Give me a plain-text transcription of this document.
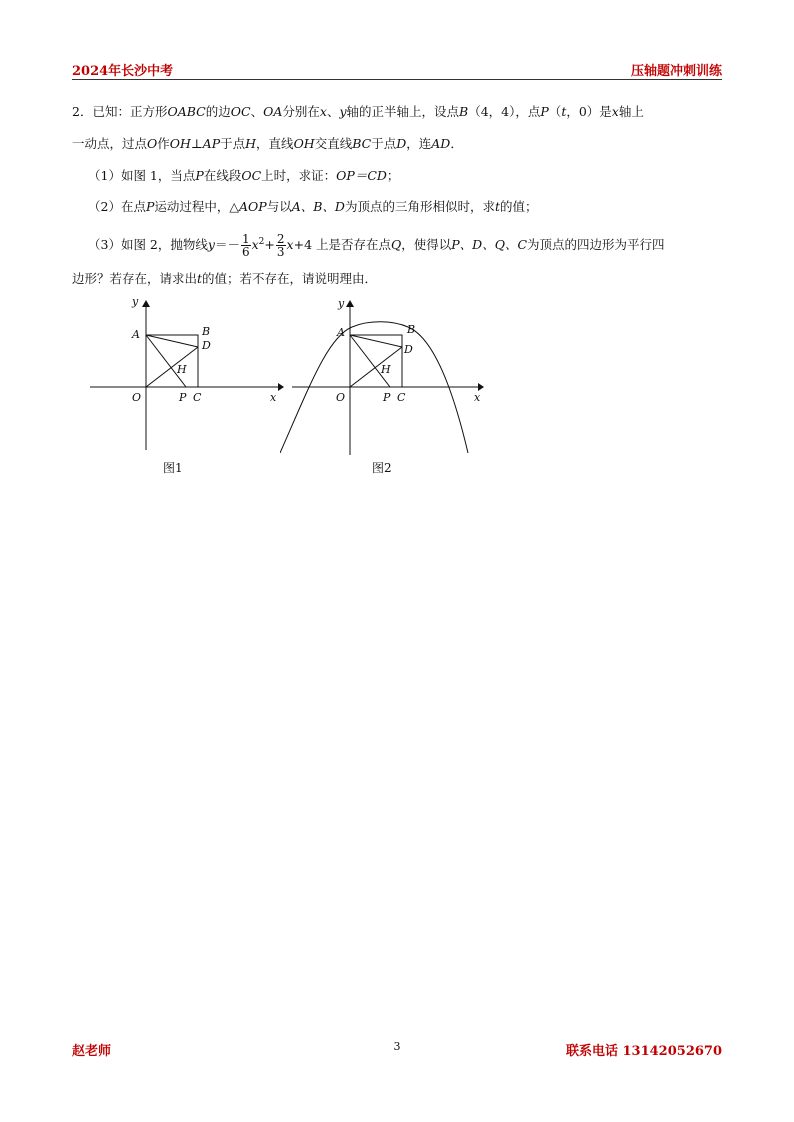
2024年长沙中考	压轴题冲刺训练
2．已知：正方形OABC的边OC、OA分别在x、y轴的正半轴上，设点B（4，4），点P（t，0）是x轴上
一动点，过点O作OH⊥AP于点H，直线OH交直线BC于点D，连AD．
（1）如图 1，当点P在线段OC上时，求证：OP＝CD；
（2）在点P运动过程中，△AOP与以A、B、D为顶点的三角形相似时，求t的值；
（3）如图 2，抛物线$y=- \frac{1}{6} x^2+ \frac{2}{3} x+4$ 上是否存在点Q，使得以P、D、Q、C为顶点的四边形为平行四
边形？若存在，请求出t的值；若不存在，请说明理由．
y
x
O
A	B
D
H
P C
图1
y
x
O
A	B
D
H
P C
图2
赵老师	3	联系电话 13142052670
